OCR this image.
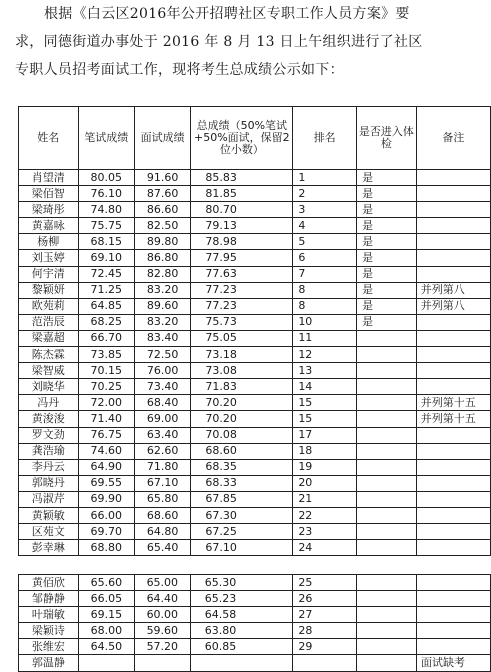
根据《白云区2016年公开招聘社区专职工作人员方案》要

求，同德街道办事处于 2016 年 8 月 13 日上午组织进行了社区

专职人员招考面试工作，现将考生总成绩公示如下：

姓名	笔试成绩	面试成绩	总成绩（50%笔试+50%面试，保留2位小数）	排名	是否进入体检	备注
肖望清	80.05	91.60	85.83	1	是	
梁佰智	76.10	87.60	81.85	2	是	
梁琦彤	74.80	86.60	80.70	3	是	
黄嘉咏	75.75	82.50	79.13	4	是	
杨柳	68.15	89.80	78.98	5	是	
刘玉婷	69.10	86.80	77.95	6	是	
何宇清	72.45	82.80	77.63	7	是	
黎颖妍	71.25	83.20	77.23	8	是	并列第八
欧苑莉	64.85	89.60	77.23	8	是	并列第八
范浩辰	68.25	83.20	75.73	10	是	
梁嘉超	66.70	83.40	75.05	11		
陈杰霖	73.85	72.50	73.18	12		
梁智威	70.15	76.00	73.08	13		
刘晓华	70.25	73.40	71.83	14		
冯丹	72.00	68.40	70.20	15		并列第十五
黄浚浚	71.40	69.00	70.20	15		并列第十五
罗文劲	76.75	63.40	70.08	17		
龚浩瑜	74.60	62.60	68.60	18		
李丹云	64.90	71.80	68.35	19		
郭晓丹	69.55	67.10	68.33	20		
冯淑芹	69.90	65.80	67.85	21		
黄颖敏	66.00	68.60	67.30	22		
区苑文	69.70	64.80	67.25	23		
彭幸琳	68.80	65.40	67.10	24		
黄佰欣	65.60	65.00	65.30	25		
邹静静	66.05	64.40	65.23	26		
叶瑞敏	69.15	60.00	64.58	27		
梁颖诗	68.00	59.60	63.80	28		
张维宏	64.50	57.20	60.85	29		
郭温静						面试缺考
